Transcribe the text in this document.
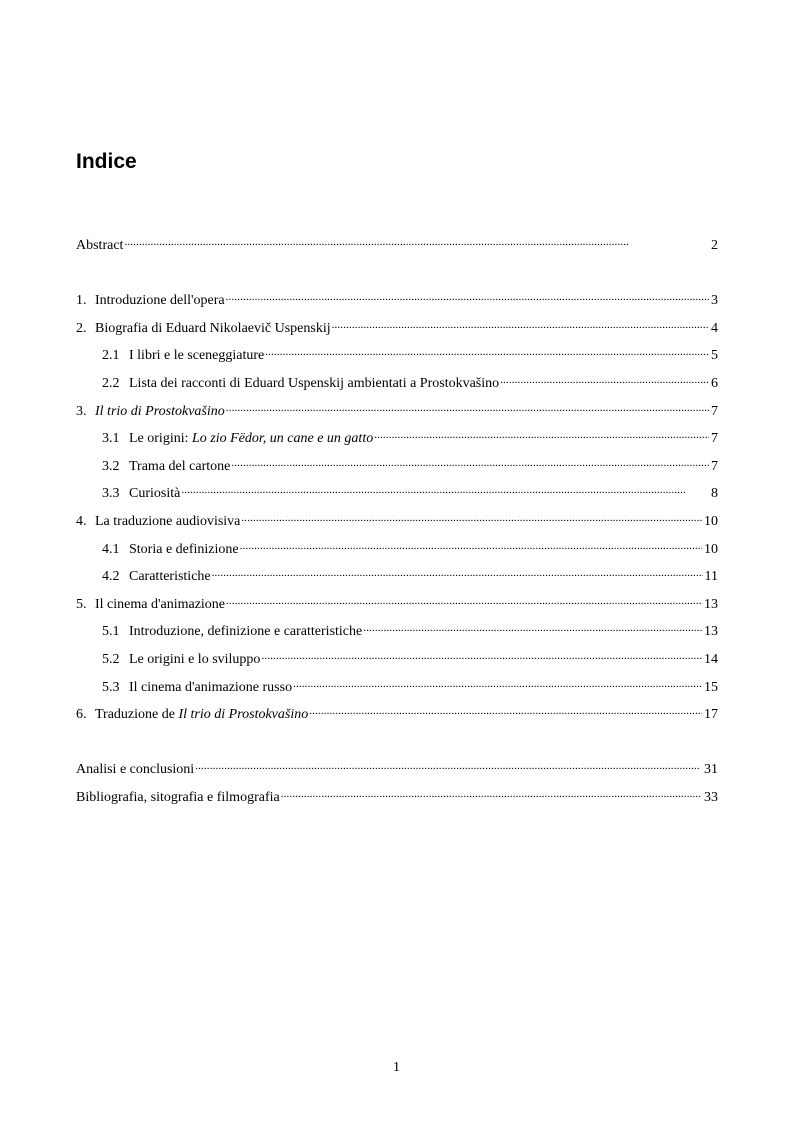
Indice
Abstract . . .	2
1. Introduzione dell'opera . . .	3
2. Biografia di Eduard Nikolaevič Uspenskij . . .	4
2.1 I libri e le sceneggiature . . .	5
2.2 Lista dei racconti di Eduard Uspenskij ambientati a Prostokvašino . . .	6
3. Il trio di Prostokvašino . . .	7
3.1 Le origini: Lo zio Fëdor, un cane e un gatto . . .	7
3.2 Trama del cartone . . .	7
3.3 Curiosità . . .	8
4. La traduzione audiovisiva . . .	10
4.1 Storia e definizione . . .	10
4.2 Caratteristiche . . .	11
5. Il cinema d'animazione . . .	13
5.1 Introduzione, definizione e caratteristiche . . .	13
5.2 Le origini e lo sviluppo . . .	14
5.3 Il cinema d'animazione russo . . .	15
6. Traduzione de Il trio di Prostokvašino . . .	17
Analisi e conclusioni . . .	31
Bibliografia, sitografia e filmografia . . .	33
1
